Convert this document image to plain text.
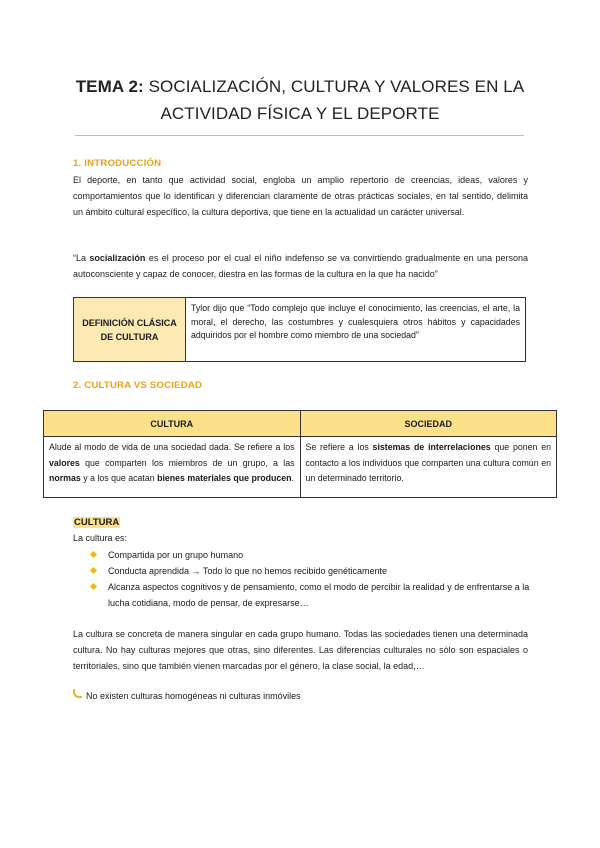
TEMA 2: SOCIALIZACIÓN, CULTURA Y VALORES EN LA
ACTIVIDAD FÍSICA Y EL DEPORTE
1. INTRODUCCIÓN
El deporte, en tanto que actividad social, engloba un amplio repertorio de creencias, ideas, valores y comportamientos que lo identifican y diferencian claramente de otras prácticas sociales, en tal sentido, delimita un ámbito cultural específico, la cultura deportiva, que tiene en la actualidad un carácter universal.
“La socialización es el proceso por el cual el niño indefenso se va convirtiendo gradualmente en una persona autoconsciente y capaz de conocer, diestra en las formas de la cultura en la que ha nacido”
DEFINICIÓN CLÁSICA DE CULTURA
Tylor dijo que “Todo complejo que incluye el conocimiento, las creencias, el arte, la moral, el derecho, las costumbres y cualesquiera otros hábitos y capacidades adquiridos por el hombre como miembro de una sociedad”
2. CULTURA VS SOCIEDAD
CULTURA	SOCIEDAD
Alude al modo de vida de una sociedad dada. Se refiere a los valores que comparten los miembros de un grupo, a las normas y a los que acatan bienes materiales que producen.
Se refiere a los sistemas de interrelaciones que ponen en contacto a los individuos que comparten una cultura común en un determinado territorio.
CULTURA
La cultura es:
Compartida por un grupo humano
Conducta aprendida → Todo lo que no hemos recibido genéticamente
Alcanza aspectos cognitivos y de pensamiento, como el modo de percibir la realidad y de enfrentarse a la lucha cotidiana, modo de pensar, de expresarse…
La cultura se concreta de manera singular en cada grupo humano. Todas las sociedades tienen una determinada cultura. No hay culturas mejores que otras, sino diferentes. Las diferencias culturales no sólo son espaciales o territoriales, sino que también vienen marcadas por el género, la clase social, la edad,…
No existen culturas homogéneas ni culturas inmóviles
